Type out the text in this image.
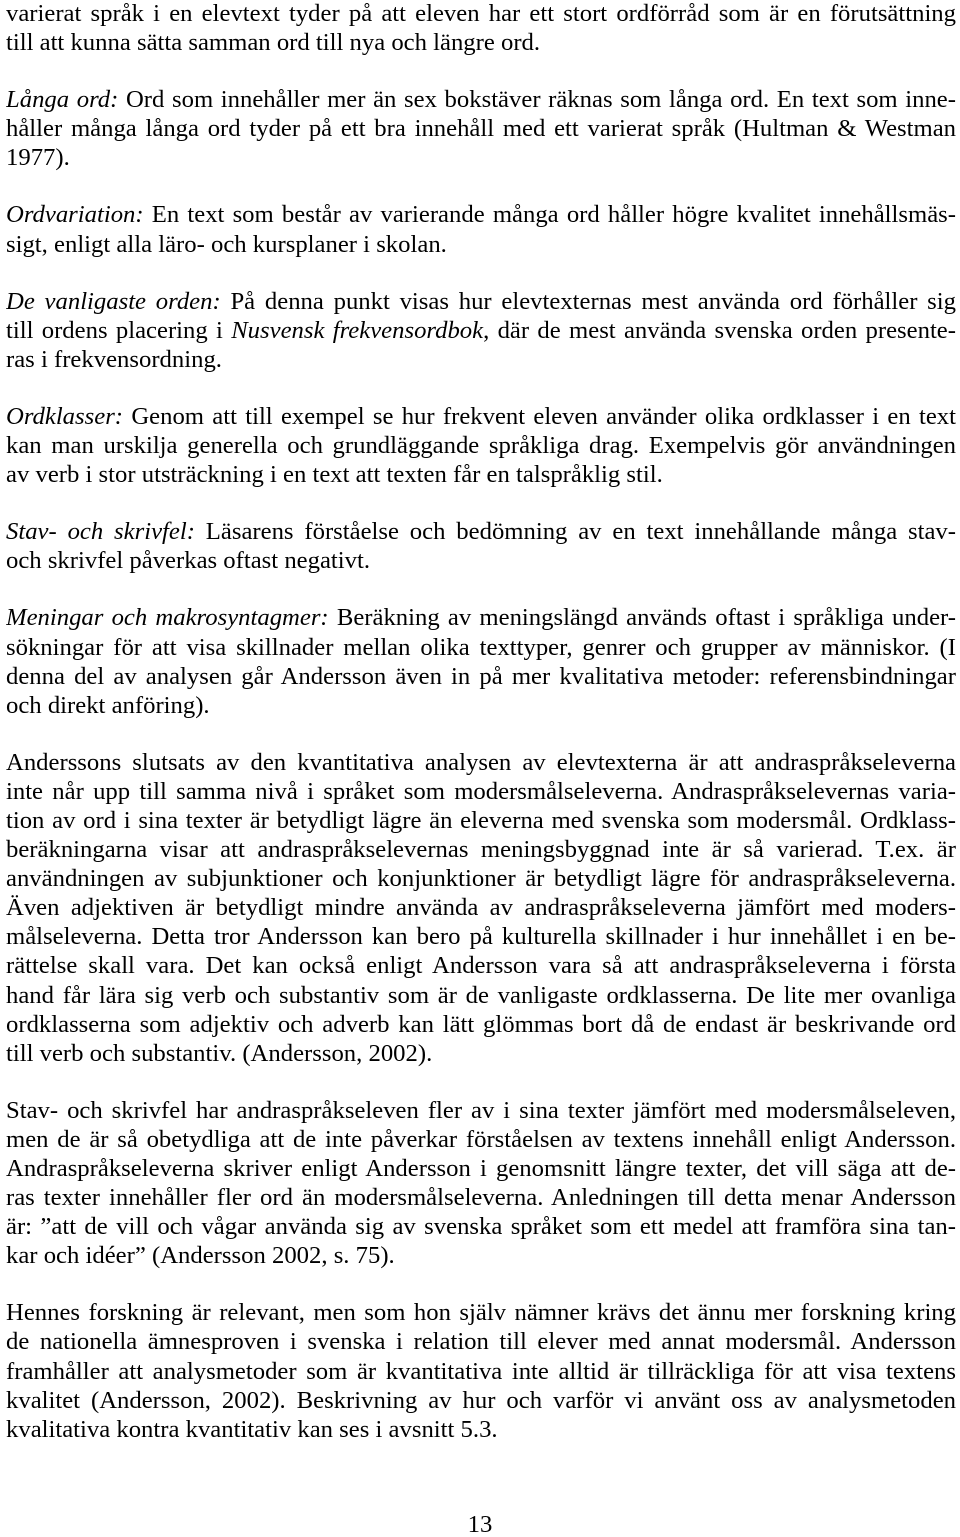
varierat språk i en elevtext tyder på att eleven har ett stort ordförråd som är en förutsättning
till att kunna sätta samman ord till nya och längre ord.
Långa ord: Ord som innehåller mer än sex bokstäver räknas som långa ord. En text som inne-
håller många långa ord tyder på ett bra innehåll med ett varierat språk (Hultman & Westman
1977).
Ordvariation: En text som består av varierande många ord håller högre kvalitet innehållsmäs-
sigt, enligt alla läro- och kursplaner i skolan.
De vanligaste orden: På denna punkt visas hur elevtexternas mest använda ord förhåller sig
till ordens placering i Nusvensk frekvensordbok, där de mest använda svenska orden presente-
ras i frekvensordning.
Ordklasser: Genom att till exempel se hur frekvent eleven använder olika ordklasser i en text
kan man urskilja generella och grundläggande språkliga drag. Exempelvis gör användningen
av verb i stor utsträckning i en text att texten får en talspråklig stil.
Stav- och skrivfel: Läsarens förståelse och bedömning av en text innehållande många stav-
och skrivfel påverkas oftast negativt.
Meningar och makrosyntagmer: Beräkning av meningslängd används oftast i språkliga under-
sökningar för att visa skillnader mellan olika texttyper, genrer och grupper av människor. (I
denna del av analysen går Andersson även in på mer kvalitativa metoder: referensbindningar
och direkt anföring).
Anderssons slutsats av den kvantitativa analysen av elevtexterna är att andraspråkseleverna
inte når upp till samma nivå i språket som modersmålseleverna. Andraspråkselevernas varia-
tion av ord i sina texter är betydligt lägre än eleverna med svenska som modersmål. Ordklass-
beräkningarna visar att andraspråkselevernas meningsbyggnad inte är så varierad. T.ex. är
användningen av subjunktioner och konjunktioner är betydligt lägre för andraspråkseleverna.
Även adjektiven är betydligt mindre använda av andraspråkseleverna jämfört med moders-
målseleverna. Detta tror Andersson kan bero på kulturella skillnader i hur innehållet i en be-
rättelse skall vara. Det kan också enligt Andersson vara så att andraspråkseleverna i första
hand får lära sig verb och substantiv som är de vanligaste ordklasserna. De lite mer ovanliga
ordklasserna som adjektiv och adverb kan lätt glömmas bort då de endast är beskrivande ord
till verb och substantiv. (Andersson, 2002).
Stav- och skrivfel har andraspråkseleven fler av i sina texter jämfört med modersmålseleven,
men de är så obetydliga att de inte påverkar förståelsen av textens innehåll enligt Andersson.
Andraspråkseleverna skriver enligt Andersson i genomsnitt längre texter, det vill säga att de-
ras texter innehåller fler ord än modersmålseleverna. Anledningen till detta menar Andersson
är: ”att de vill och vågar använda sig av svenska språket som ett medel att framföra sina tan-
kar och idéer” (Andersson 2002, s. 75).
Hennes forskning är relevant, men som hon själv nämner krävs det ännu mer forskning kring
de nationella ämnesproven i svenska i relation till elever med annat modersmål. Andersson
framhåller att analysmetoder som är kvantitativa inte alltid är tillräckliga för att visa textens
kvalitet (Andersson, 2002). Beskrivning av hur och varför vi använt oss av analysmetoden
kvalitativa kontra kvantitativ kan ses i avsnitt 5.3.
13
